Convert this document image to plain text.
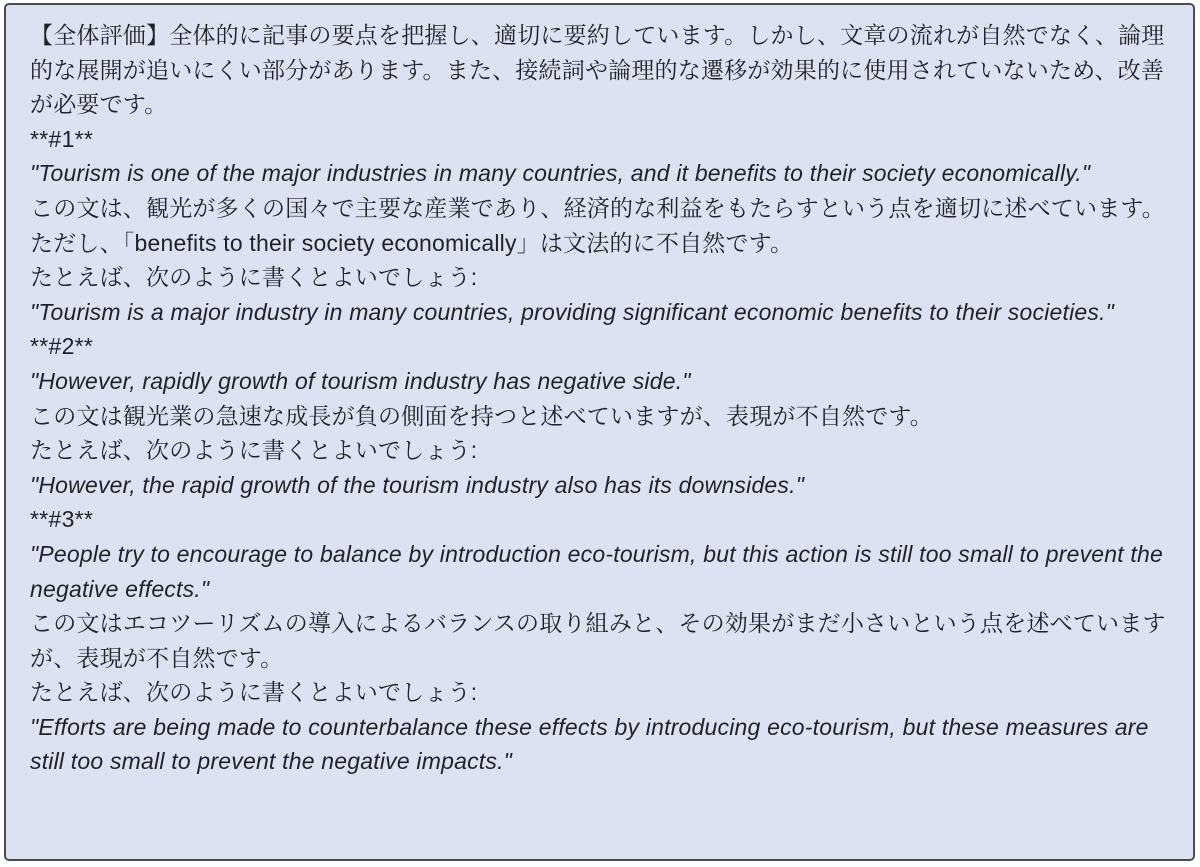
【全体評価】全体的に記事の要点を把握し、適切に要約しています。しかし、文章の流れが自然でなく、論理的な展開が追いにくい部分があります。また、接続詞や論理的な遷移が効果的に使用されていないため、改善が必要です。

**#1**

"Tourism is one of the major industries in many countries, and it benefits to their society economically."

この文は、観光が多くの国々で主要な産業であり、経済的な利益をもたらすという点を適切に述べています。ただし、「benefits to their society economically」は文法的に不自然です。

たとえば、次のように書くとよいでしょう:

"Tourism is a major industry in many countries, providing significant economic benefits to their societies."

**#2**

"However, rapidly growth of tourism industry has negative side."

この文は観光業の急速な成長が負の側面を持つと述べていますが、表現が不自然です。

たとえば、次のように書くとよいでしょう:

"However, the rapid growth of the tourism industry also has its downsides."

**#3**

"People try to encourage to balance by introduction eco-tourism, but this action is still too small to prevent the negative effects."

この文はエコツーリズムの導入によるバランスの取り組みと、その効果がまだ小さいという点を述べていますが、表現が不自然です。

たとえば、次のように書くとよいでしょう:

"Efforts are being made to counterbalance these effects by introducing eco-tourism, but these measures are still too small to prevent the negative impacts."
